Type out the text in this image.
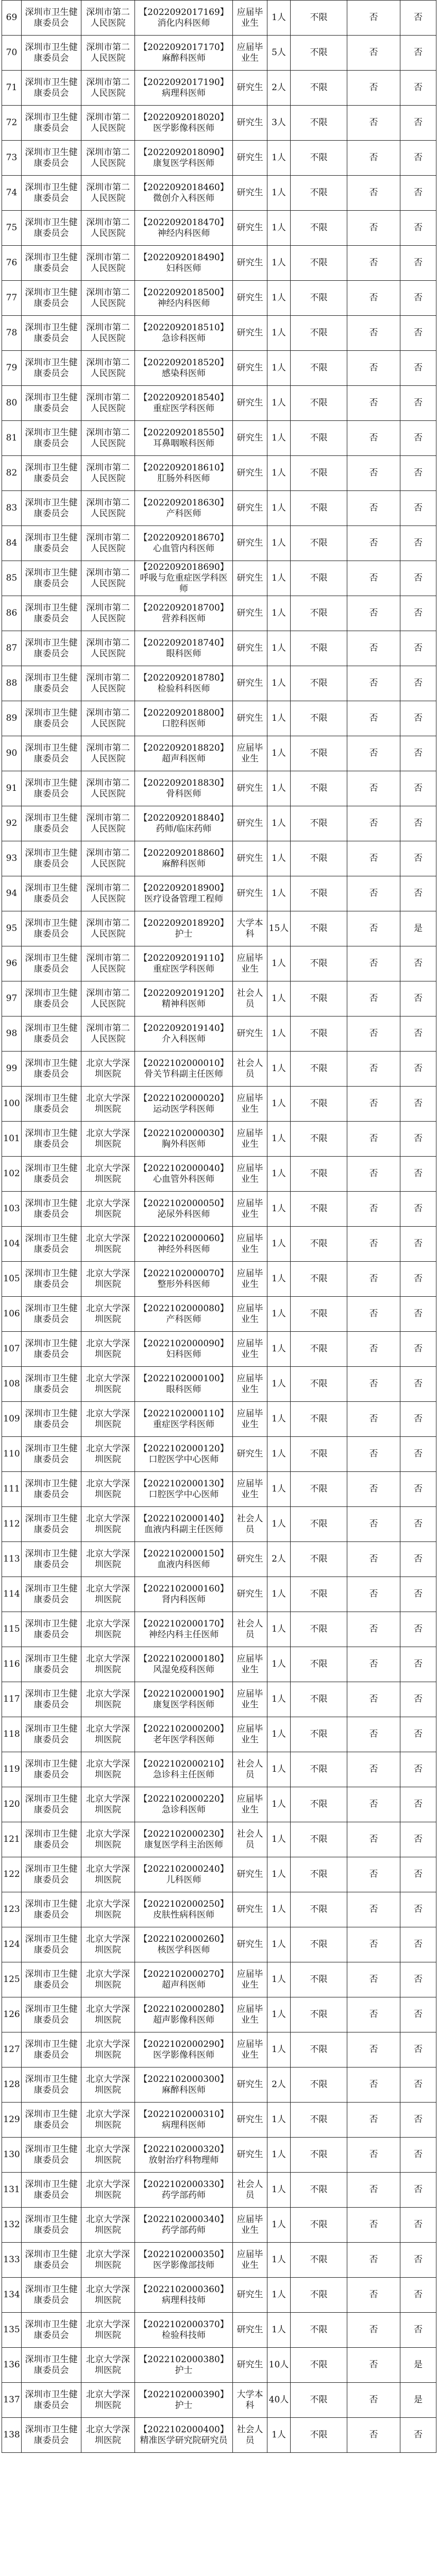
69	深圳市卫生健康委员会	深圳市第二人民医院	【2022092017169】消化内科医师	应届毕业生	1人	不限	否	否
70	深圳市卫生健康委员会	深圳市第二人民医院	【2022092017170】麻醉科医师	应届毕业生	5人	不限	否	否
71	深圳市卫生健康委员会	深圳市第二人民医院	【2022092017190】病理科医师	研究生	2人	不限	否	否
72	深圳市卫生健康委员会	深圳市第二人民医院	【2022092018020】医学影像科医师	研究生	3人	不限	否	否
73	深圳市卫生健康委员会	深圳市第二人民医院	【2022092018090】康复医学科医师	研究生	1人	不限	否	否
74	深圳市卫生健康委员会	深圳市第二人民医院	【2022092018460】微创介入科医师	研究生	1人	不限	否	否
75	深圳市卫生健康委员会	深圳市第二人民医院	【2022092018470】神经内科医师	研究生	1人	不限	否	否
76	深圳市卫生健康委员会	深圳市第二人民医院	【2022092018490】妇科医师	研究生	1人	不限	否	否
77	深圳市卫生健康委员会	深圳市第二人民医院	【2022092018500】神经内科医师	研究生	1人	不限	否	否
78	深圳市卫生健康委员会	深圳市第二人民医院	【2022092018510】急诊科医师	研究生	1人	不限	否	否
79	深圳市卫生健康委员会	深圳市第二人民医院	【2022092018520】感染科医师	研究生	1人	不限	否	否
80	深圳市卫生健康委员会	深圳市第二人民医院	【2022092018540】重症医学科医师	研究生	1人	不限	否	否
81	深圳市卫生健康委员会	深圳市第二人民医院	【2022092018550】耳鼻咽喉科医师	研究生	1人	不限	否	否
82	深圳市卫生健康委员会	深圳市第二人民医院	【2022092018610】肛肠外科医师	研究生	1人	不限	否	否
83	深圳市卫生健康委员会	深圳市第二人民医院	【2022092018630】产科医师	研究生	1人	不限	否	否
84	深圳市卫生健康委员会	深圳市第二人民医院	【2022092018670】心血管内科医师	研究生	1人	不限	否	否
85	深圳市卫生健康委员会	深圳市第二人民医院	【2022092018690】呼吸与危重症医学科医师	研究生	1人	不限	否	否
86	深圳市卫生健康委员会	深圳市第二人民医院	【2022092018700】营养科医师	研究生	1人	不限	否	否
87	深圳市卫生健康委员会	深圳市第二人民医院	【2022092018740】眼科医师	研究生	1人	不限	否	否
88	深圳市卫生健康委员会	深圳市第二人民医院	【2022092018780】检验科科医师	研究生	1人	不限	否	否
89	深圳市卫生健康委员会	深圳市第二人民医院	【2022092018800】口腔科医师	研究生	1人	不限	否	否
90	深圳市卫生健康委员会	深圳市第二人民医院	【2022092018820】超声科医师	应届毕业生	1人	不限	否	否
91	深圳市卫生健康委员会	深圳市第二人民医院	【2022092018830】骨科医师	研究生	1人	不限	否	否
92	深圳市卫生健康委员会	深圳市第二人民医院	【2022092018840】药师/临床药师	研究生	1人	不限	否	否
93	深圳市卫生健康委员会	深圳市第二人民医院	【2022092018860】麻醉科医师	研究生	1人	不限	否	否
94	深圳市卫生健康委员会	深圳市第二人民医院	【2022092018900】医疗设备管理工程师	研究生	1人	不限	否	否
95	深圳市卫生健康委员会	深圳市第二人民医院	【2022092018920】护士	大学本科	15人	不限	否	是
96	深圳市卫生健康委员会	深圳市第二人民医院	【2022092019110】重症医学科医师	应届毕业生	1人	不限	否	否
97	深圳市卫生健康委员会	深圳市第二人民医院	【2022092019120】精神科医师	社会人员	1人	不限	否	否
98	深圳市卫生健康委员会	深圳市第二人民医院	【2022092019140】介入科医师	研究生	1人	不限	否	否
99	深圳市卫生健康委员会	北京大学深圳医院	【2022102000010】骨关节科副主任医师	社会人员	1人	不限	否	否
100	深圳市卫生健康委员会	北京大学深圳医院	【2022102000020】运动医学科医师	应届毕业生	1人	不限	否	否
101	深圳市卫生健康委员会	北京大学深圳医院	【2022102000030】胸外科医师	应届毕业生	1人	不限	否	否
102	深圳市卫生健康委员会	北京大学深圳医院	【2022102000040】心血管外科医师	应届毕业生	1人	不限	否	否
103	深圳市卫生健康委员会	北京大学深圳医院	【2022102000050】泌尿外科医师	应届毕业生	1人	不限	否	否
104	深圳市卫生健康委员会	北京大学深圳医院	【2022102000060】神经外科医师	应届毕业生	1人	不限	否	否
105	深圳市卫生健康委员会	北京大学深圳医院	【2022102000070】整形外科医师	应届毕业生	1人	不限	否	否
106	深圳市卫生健康委员会	北京大学深圳医院	【2022102000080】产科医师	应届毕业生	1人	不限	否	否
107	深圳市卫生健康委员会	北京大学深圳医院	【2022102000090】妇科医师	应届毕业生	1人	不限	否	否
108	深圳市卫生健康委员会	北京大学深圳医院	【2022102000100】眼科医师	应届毕业生	1人	不限	否	否
109	深圳市卫生健康委员会	北京大学深圳医院	【2022102000110】重症医学科医师	应届毕业生	1人	不限	否	否
110	深圳市卫生健康委员会	北京大学深圳医院	【2022102000120】口腔医学中心医师	研究生	1人	不限	否	否
111	深圳市卫生健康委员会	北京大学深圳医院	【2022102000130】口腔医学中心医师	应届毕业生	1人	不限	否	否
112	深圳市卫生健康委员会	北京大学深圳医院	【2022102000140】血液内科副主任医师	社会人员	1人	不限	否	否
113	深圳市卫生健康委员会	北京大学深圳医院	【2022102000150】血液内科医师	研究生	2人	不限	否	否
114	深圳市卫生健康委员会	北京大学深圳医院	【2022102000160】肾内科医师	研究生	1人	不限	否	否
115	深圳市卫生健康委员会	北京大学深圳医院	【2022102000170】神经内科主任医师	社会人员	1人	不限	否	否
116	深圳市卫生健康委员会	北京大学深圳医院	【2022102000180】风湿免疫科医师	应届毕业生	1人	不限	否	否
117	深圳市卫生健康委员会	北京大学深圳医院	【2022102000190】康复医学科医师	应届毕业生	1人	不限	否	否
118	深圳市卫生健康委员会	北京大学深圳医院	【2022102000200】老年医学科医师	应届毕业生	1人	不限	否	否
119	深圳市卫生健康委员会	北京大学深圳医院	【2022102000210】急诊科主任医师	社会人员	1人	不限	否	否
120	深圳市卫生健康委员会	北京大学深圳医院	【2022102000220】急诊科医师	应届毕业生	1人	不限	否	否
121	深圳市卫生健康委员会	北京大学深圳医院	【2022102000230】康复医学科主治医师	社会人员	1人	不限	否	否
122	深圳市卫生健康委员会	北京大学深圳医院	【2022102000240】儿科医师	研究生	1人	不限	否	否
123	深圳市卫生健康委员会	北京大学深圳医院	【2022102000250】皮肤性病科医师	研究生	1人	不限	否	否
124	深圳市卫生健康委员会	北京大学深圳医院	【2022102000260】核医学科医师	研究生	1人	不限	否	否
125	深圳市卫生健康委员会	北京大学深圳医院	【2022102000270】超声科医师	应届毕业生	1人	不限	否	否
126	深圳市卫生健康委员会	北京大学深圳医院	【2022102000280】超声影像科医师	应届毕业生	1人	不限	否	否
127	深圳市卫生健康委员会	北京大学深圳医院	【2022102000290】医学影像科医师	应届毕业生	1人	不限	否	否
128	深圳市卫生健康委员会	北京大学深圳医院	【2022102000300】麻醉科医师	研究生	2人	不限	否	否
129	深圳市卫生健康委员会	北京大学深圳医院	【2022102000310】病理科医师	研究生	1人	不限	否	否
130	深圳市卫生健康委员会	北京大学深圳医院	【2022102000320】放射治疗科物理师	研究生	1人	不限	否	否
131	深圳市卫生健康委员会	北京大学深圳医院	【2022102000330】药学部药师	社会人员	1人	不限	否	否
132	深圳市卫生健康委员会	北京大学深圳医院	【2022102000340】药学部药师	应届毕业生	1人	不限	否	否
133	深圳市卫生健康委员会	北京大学深圳医院	【2022102000350】医学影像部技师	应届毕业生	1人	不限	否	否
134	深圳市卫生健康委员会	北京大学深圳医院	【2022102000360】病理科技师	研究生	1人	不限	否	否
135	深圳市卫生健康委员会	北京大学深圳医院	【2022102000370】检验科技师	研究生	1人	不限	否	否
136	深圳市卫生健康委员会	北京大学深圳医院	【2022102000380】护士	研究生	10人	不限	否	是
137	深圳市卫生健康委员会	北京大学深圳医院	【2022102000390】护士	大学本科	40人	不限	否	是
138	深圳市卫生健康委员会	北京大学深圳医院	【2022102000400】精准医学研究院研究员	社会人员	1人	不限	否	否
